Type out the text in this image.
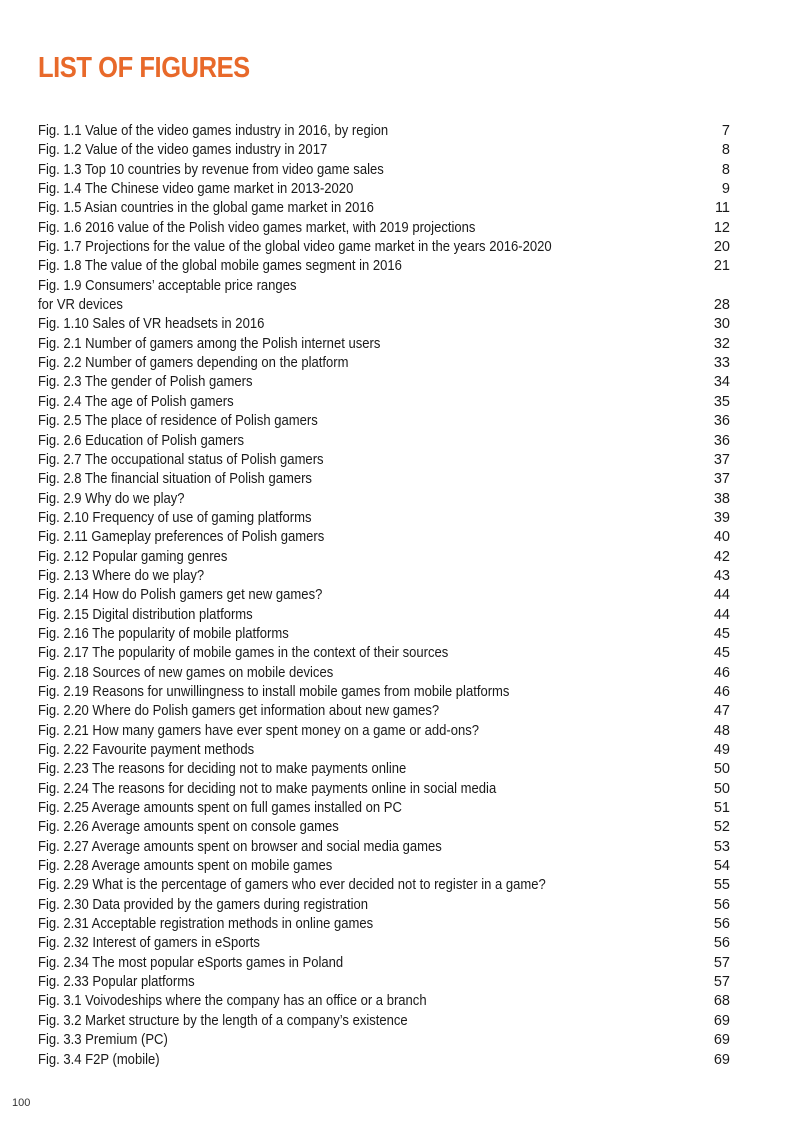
LIST OF FIGURES
Fig. 1.1 Value of the video games industry in 2016, by region	7
Fig. 1.2 Value of the video games industry in 2017	8
Fig. 1.3 Top 10 countries by revenue from video game sales	8
Fig. 1.4 The Chinese video game market in 2013-2020	9
Fig. 1.5 Asian countries in the global game market in 2016	11
Fig. 1.6 2016 value of the Polish video games market, with 2019 projections	12
Fig. 1.7 Projections for the value of the global video game market in the years 2016-2020	20
Fig. 1.8 The value of the global mobile games segment in 2016	21
Fig. 1.9 Consumers’ acceptable price ranges
for VR devices	28
Fig. 1.10 Sales of VR headsets in 2016	30
Fig. 2.1 Number of gamers among the Polish internet users	32
Fig. 2.2 Number of gamers depending on the platform	33
Fig. 2.3 The gender of Polish gamers	34
Fig. 2.4 The age of Polish gamers	35
Fig. 2.5 The place of residence of Polish gamers	36
Fig. 2.6 Education of Polish gamers	36
Fig. 2.7 The occupational status of Polish gamers	37
Fig. 2.8 The financial situation of Polish gamers	37
Fig. 2.9 Why do we play?	38
Fig. 2.10 Frequency of use of gaming platforms	39
Fig. 2.11 Gameplay preferences of Polish gamers	40
Fig. 2.12 Popular gaming genres	42
Fig. 2.13 Where do we play?	43
Fig. 2.14 How do Polish gamers get new games?	44
Fig. 2.15 Digital distribution platforms	44
Fig. 2.16 The popularity of mobile platforms	45
Fig. 2.17 The popularity of mobile games in the context of their sources	45
Fig. 2.18 Sources of new games on mobile devices	46
Fig. 2.19 Reasons for unwillingness to install mobile games from mobile platforms	46
Fig. 2.20 Where do Polish gamers get information about new games?	47
Fig. 2.21 How many gamers have ever spent money on a game or add-ons?	48
Fig. 2.22 Favourite payment methods	49
Fig. 2.23 The reasons for deciding not to make payments online	50
Fig. 2.24 The reasons for deciding not to make payments online in social media	50
Fig. 2.25 Average amounts spent on full games installed on PC	51
Fig. 2.26 Average amounts spent on console games	52
Fig. 2.27 Average amounts spent on browser and social media games	53
Fig. 2.28 Average amounts spent on mobile games	54
Fig. 2.29 What is the percentage of gamers who ever decided not to register in a game?	55
Fig. 2.30 Data provided by the gamers during registration	56
Fig. 2.31 Acceptable registration methods in online games	56
Fig. 2.32 Interest of gamers in eSports	56
Fig. 2.34 The most popular eSports games in Poland	57
Fig. 2.33 Popular platforms	57
Fig. 3.1 Voivodeships where the company has an office or a branch	68
Fig. 3.2 Market structure by the length of a company’s existence	69
Fig. 3.3 Premium (PC)	69
Fig. 3.4 F2P (mobile)	69
100
